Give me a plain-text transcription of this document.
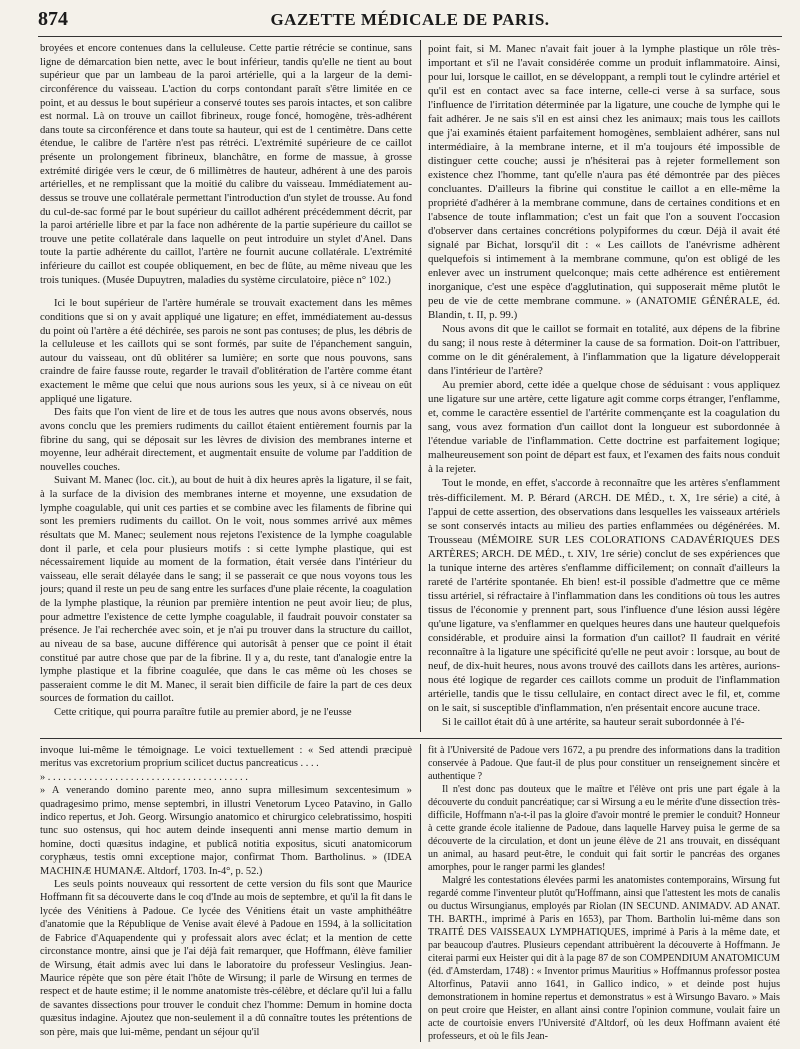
874	GAZETTE MÉDICALE DE PARIS.

broyées et encore contenues dans la celluleuse. Cette partie rétrécie se continue, sans ligne de démarcation bien nette, avec le bout inférieur, tandis qu'elle ne tient au bout supérieur que par un lambeau de la paroi artérielle, qui a la largeur de la demi-circonférence du vaisseau. L'action du corps contondant paraît s'être limitée en ce point, et au dessus le bout supérieur a conservé toutes ses parois intactes, et son calibre est normal. Là on trouve un caillot fibrineux, rouge foncé, homogène, très-adhérent dans toute sa circonférence et dans toute sa hauteur, qui est de 1 centimètre. Dans cette étendue, le calibre de l'artère n'est pas rétréci. L'extrémité supérieure de ce caillot présente un prolongement fibrineux, blanchâtre, en forme de massue, à grosse extrémité dirigée vers le cœur, de 6 millimètres de hauteur, adhérent à une des parois artérielles, et ne remplissant que la moitié du calibre du vaisseau. Immédiatement au-dessus se trouve une collatérale permettant l'introduction d'un stylet de trousse. Au fond du cul-de-sac formé par le bout supérieur du caillot adhérent précédemment décrit, par la paroi artérielle libre et par la face non adhérente de la partie supérieure du caillot se trouve une petite collatérale dans laquelle on peut introduire un stylet d'Anel. Dans toute la partie adhérente du caillot, l'artère ne fournit aucune collatérale. L'extrémité inférieure du caillot est coupée obliquement, en bec de flûte, au même niveau que les trois tuniques. (Musée Dupuytren, maladies du système circulatoire, pièce n° 102.)

Ici le bout supérieur de l'artère humérale se trouvait exactement dans les mêmes conditions que si on y avait appliqué une ligature; en effet, immédiatement au-dessus du point où l'artère a été déchirée, ses parois ne sont pas contuses; de plus, les débris de la celluleuse et les caillots qui se sont formés, par suite de l'épanchement sanguin, autour du vaisseau, ont dû oblitérer sa lumière; en sorte que nous pouvons, sans craindre de faire fausse route, regarder le travail d'oblitération de l'artère comme étant exactement le même que celui que nous aurions sous les yeux, si à ce niveau on eût appliqué une ligature.

Des faits que l'on vient de lire et de tous les autres que nous avons observés, nous avons conclu que les premiers rudiments du caillot étaient entièrement fournis par la fibrine du sang, qui se déposait sur les lèvres de division des membranes interne et moyenne, leur adhérait directement, et augmentait ensuite de volume par l'addition de nouvelles couches.

Suivant M. Manec (loc. cit.), au bout de huit à dix heures après la ligature, il se fait, à la surface de la division des membranes interne et moyenne, une exsudation de lymphe coagulable, qui unit ces parties et se combine avec les filaments de fibrine qui sont les premiers rudiments du caillot. On le voit, nous sommes arrivé aux mêmes résultats que M. Manec; seulement nous rejetons l'existence de la lymphe coagulable dont il parle, et cela pour plusieurs motifs : si cette lymphe plastique, qui est nécessairement liquide au moment de la formation, était versée dans l'intérieur du vaisseau, elle serait délayée dans le sang; il se passerait ce que nous voyons tous les jours; quand il reste un peu de sang entre les surfaces d'une plaie récente, la coagulation de la lymphe plastique, la réunion par première intention ne peut avoir lieu; de plus, pour admettre l'existence de cette lymphe coagulable, il faudrait pouvoir constater sa présence. Je l'ai recherchée avec soin, et je n'ai pu trouver dans la structure du caillot, au niveau de sa base, aucune différence qui autorisât à penser que ce point il était constitué par autre chose que par de la fibrine. Il y a, du reste, tant d'analogie entre la lymphe plastique et la fibrine coagulée, que dans le cas même où les choses se passeraient comme le dit M. Manec, il serait bien difficile de faire la part de ces deux sources de formation du caillot.

Cette critique, qui pourra paraître futile au premier abord, je ne l'eusse

point fait, si M. Manec n'avait fait jouer à la lymphe plastique un rôle très-important et s'il ne l'avait considérée comme un produit inflammatoire. Ainsi, pour lui, lorsque le caillot, en se développant, a rempli tout le cylindre artériel et qu'il est en contact avec sa face interne, celle-ci verse à sa surface, sous l'influence de l'irritation déterminée par la ligature, une couche de lymphe qui le fait adhérer. Je ne sais s'il en est ainsi chez les animaux; mais tous les caillots que j'ai examinés étaient parfaitement homogènes, semblaient adhérer, sans nul intermédiaire, à la membrane interne, et il m'a toujours été impossible de distinguer cette couche; aussi je n'hésiterai pas à rejeter formellement son existence chez l'homme, tant qu'elle n'aura pas été démontrée par des pièces concluantes. D'ailleurs la fibrine qui constitue le caillot a en elle-même la propriété d'adhérer à la membrane commune, dans de certaines conditions et en l'absence de toute inflammation; c'est un fait que l'on a souvent l'occasion d'observer dans certaines concrétions polypiformes du cœur. Déjà il avait été signalé par Bichat, lorsqu'il dit : « Les caillots de l'anévrisme adhèrent quelquefois si intimement à la membrane commune, qu'on est obligé de les enlever avec un instrument quelconque; mais cette adhérence est entièrement inorganique, c'est une espèce d'agglutination, qui supposerait même plutôt le peu de vie de cette membrane commune. » (ANATOMIE GÉNÉRALE, éd. Blandin, t. II, p. 99.)

Nous avons dit que le caillot se formait en totalité, aux dépens de la fibrine du sang; il nous reste à déterminer la cause de sa formation. Doit-on l'attribuer, comme on le dit généralement, à l'inflammation que la ligature développerait dans l'intérieur de l'artère?

Au premier abord, cette idée a quelque chose de séduisant : vous appliquez une ligature sur une artère, cette ligature agit comme corps étranger, l'enflamme, et, comme le caractère essentiel de l'artérite commençante est la coagulation du sang, vous avez formation d'un caillot dont la longueur est subordonnée à l'étendue variable de l'inflammation. Cette doctrine est parfaitement logique; malheureusement son point de départ est faux, et l'examen des faits nous conduit à la rejeter.

Tout le monde, en effet, s'accorde à reconnaître que les artères s'enflamment très-difficilement. M. P. Bérard (ARCH. DE MÉD., t. X, 1re série) a cité, à l'appui de cette assertion, des observations dans lesquelles les vaisseaux artériels se sont conservés intacts au milieu des parties enflammées ou dégénérées. M. Trousseau (MÉMOIRE SUR LES COLORATIONS CADAVÉRIQUES DES ARTÈRES; ARCH. DE MÉD., t. XIV, 1re série) conclut de ses expériences que la tunique interne des artères s'enflamme difficilement; on connaît d'ailleurs la rareté de l'artérite spontanée. Eh bien! est-il possible d'admettre que ce même tissu artériel, si réfractaire à l'inflammation dans les conditions où tous les autres tissus de l'économie y prennent part, sous l'influence d'une lésion aussi légère qu'une ligature, va s'enflammer en quelques heures dans une hauteur quelquefois considérable, et produire ainsi la formation d'un caillot? Il faudrait en vérité reconnaître à la ligature une spécificité qu'elle ne peut avoir : lorsque, au bout de neuf, de dix-huit heures, nous avons trouvé des caillots dans les artères, aurions-nous été logique de regarder ces caillots comme un produit de l'inflammation artérielle, tandis que le tissu cellulaire, en contact direct avec le fil, et, comme on le sait, si susceptible d'inflammation, n'en présentait encore aucune trace.

Si le caillot était dû à une artérite, sa hauteur serait subordonnée à l'é-

invoque lui-même le témoignage. Le voici textuellement : « Sed attendi præcipuè meritus vas excretorium proprium scilicet ductus pancreaticus . . . .

» . . . . . . . . . . . . . . . . . . . . . . . . . . . . . . . . . . . . . . .

» A venerando domino parente meo, anno supra millesimum sexcentesimum » quadragesimo primo, mense septembri, in illustri Venetorum Lyceo Patavino, in Gallo indico repertus, et Joh. Georg. Wirsungio anatomico et chirurgico celebratissimo, hospiti tunc suo ostensus, qui hoc autem deinde insequenti anni mense martio demum in homine, docti quæsitus indagine, et publicâ notitia expositus, sicuti anatomicorum coryphæus, testis omni exceptione major, confirmat Thom. Bartholinus. » (IDEA MACHINÆ HUMANÆ. Altdorf, 1703. In-4°, p. 52.)

Les seuls points nouveaux qui ressortent de cette version du fils sont que Maurice Hoffmann fit sa découverte dans le coq d'Inde au mois de septembre, et qu'il la fit dans le lycée des Vénitiens à Padoue. Ce lycée des Vénitiens était un vaste amphithéâtre d'anatomie que la République de Venise avait élevé à Padoue en 1594, à la sollicitation de Fabrice d'Aquapendente qui y professait alors avec éclat; et la mention de cette circonstance montre, ainsi que je l'ai déjà fait remarquer, que Hoffmann, élève familier de Wirsung, était admis avec lui dans le laboratoire du professeur Veslingius. Jean-Maurice répète que son père était l'hôte de Wirsung; il parle de Wirsung en termes de respect et de haute estime; il le nomme anatomiste très-célèbre, et déclare qu'il lui a fallu de savantes dissections pour trouver le conduit chez l'homme: Demum in homine docta quæsitus indagine. Ajoutez que non-seulement il a dû connaître toutes les prétentions de son père, mais que lui-même, pendant un séjour qu'il

fit à l'Université de Padoue vers 1672, a pu prendre des informations dans la tradition conservée à Padoue. Que faut-il de plus pour constituer un renseignement sincère et authentique ?

Il n'est donc pas douteux que le maître et l'élève ont pris une part égale à la découverte du conduit pancréatique; car si Wirsung a eu le mérite d'une dissection très-difficile, Hoffmann n'a-t-il pas la gloire d'avoir montré le premier le conduit? Honneur à cette grande école italienne de Padoue, dans laquelle Harvey puisa le germe de sa découverte de la circulation, et dont un jeune élève de 21 ans trouvait, en disséquant un animal, au hasard peut-être, le conduit qui fait sortir le pancréas des organes amorphes, pour le ranger parmi les glandes!

Malgré les contestations élevées parmi les anatomistes contemporains, Wirsung fut regardé comme l'inventeur plutôt qu'Hoffmann, ainsi que l'attestent les mots de canalis ou ductus Wirsungianus, employés par Riolan (IN SECUND. ANIMADV. AD ANAT. TH. BARTH., imprimé à Paris en 1653), par Thom. Bartholin lui-même dans son TRAITÉ DES VAISSEAUX LYMPHATIQUES, imprimé à Paris à la même date, et par beaucoup d'autres. Plusieurs cependant attribuèrent la découverte à Hoffmann. Je citerai parmi eux Heister qui dit à la page 87 de son COMPENDIUM ANATOMICUM (éd. d'Amsterdam, 1748) : « Inventor primus Mauritius » Hoffmannus professor postea Altorfinus, Patavii anno 1641, in Gallico indico, » et deinde post hujus demonstrationem in homine repertus et demonstratus » est à Wirsungo Bavaro. » Mais on peut croire que Heister, en allant ainsi contre l'opinion commune, voulait faire un acte de courtoisie envers l'Université d'Altdorf, où les deux Hoffmann avaient été professeurs, et où le fils Jean-
